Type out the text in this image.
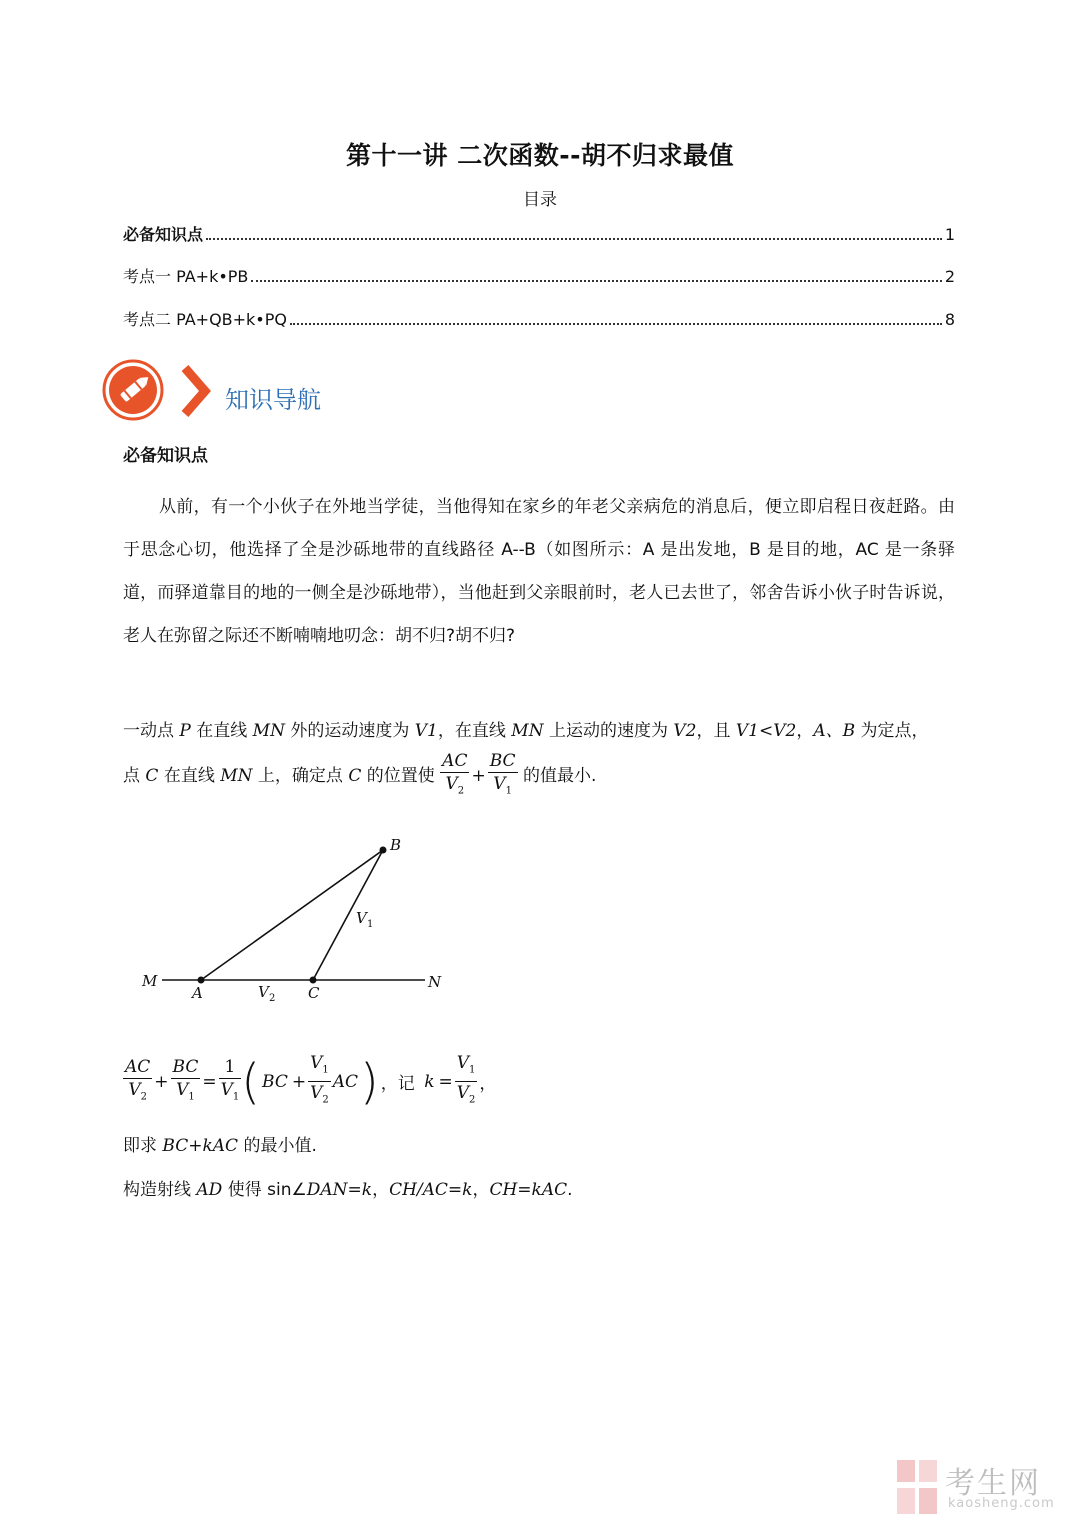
第十一讲 二次函数--胡不归求最值
目录
必备知识点	1
考点一 PA+k•PB	2
考点二 PA+QB+k•PQ	8
知识导航
必备知识点
从前，有一个小伙子在外地当学徒，当他得知在家乡的年老父亲病危的消息后，便立即启程日夜赶路。由于思念心切，他选择了全是沙砾地带的直线路径 A--B（如图所示：A 是出发地，B 是目的地，AC 是一条驿道，而驿道靠目的地的一侧全是沙砾地带），当他赶到父亲眼前时，老人已去世了，邻舍告诉小伙子时告诉说，老人在弥留之际还不断喃喃地叨念：胡不归?胡不归?
一动点 P 在直线 MN 外的运动速度为 V1，在直线 MN 上运动的速度为 V2，且 V1<V2，A、B 为定点，
点 C 在直线 MN 上，确定点 C 的位置使 $\frac{AC}{V_2} + \frac{BC}{V_1}$ 的值最小.
M	N
A	C
B
V
V
1
2
$\frac{AC}{V_2} + \frac{BC}{V_1} = \frac{1}{V_1}$ ( BC + $\frac{V_1}{V_2} AC$) ，记 $k = \frac{V_1}{V_2}$ ，
即求 BC+kAC 的最小值.
构造射线 AD 使得 sin∠DAN=k，CH/AC=k，CH=kAC.
考生网
kaosheng.com
